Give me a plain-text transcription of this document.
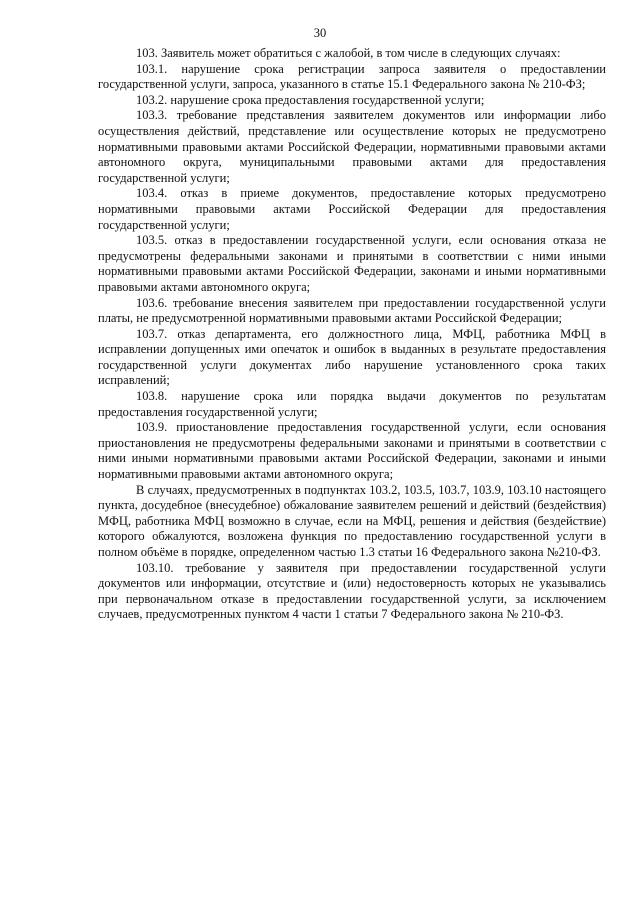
30

103. Заявитель может обратиться с жалобой, в том числе в следующих случаях:

103.1. нарушение срока регистрации запроса заявителя о предоставлении государственной услуги, запроса, указанного в статье 15.1 Федерального закона № 210-ФЗ;

103.2. нарушение срока предоставления государственной услуги;

103.3. требование представления заявителем документов или информации либо осуществления действий, представление или осуществление которых не предусмотрено нормативными правовыми актами Российской Федерации, нормативными правовыми актами автономного округа, муниципальными правовыми актами для предоставления государственной услуги;

103.4. отказ в приеме документов, предоставление которых предусмотрено нормативными правовыми актами Российской Федерации для предоставления государственной услуги;

103.5. отказ в предоставлении государственной услуги, если основания отказа не предусмотрены федеральными законами и принятыми в соответствии с ними иными нормативными правовыми актами Российской Федерации, законами и иными нормативными правовыми актами автономного округа;

103.6. требование внесения заявителем при предоставлении государственной услуги платы, не предусмотренной нормативными правовыми актами Российской Федерации;

103.7. отказ департамента, его должностного лица, МФЦ, работника МФЦ в исправлении допущенных ими опечаток и ошибок в выданных в результате предоставления государственной услуги документах либо нарушение установленного срока таких исправлений;

103.8. нарушение срока или порядка выдачи документов по результатам предоставления государственной услуги;

103.9. приостановление предоставления государственной услуги, если основания приостановления не предусмотрены федеральными законами и принятыми в соответствии с ними иными нормативными правовыми актами Российской Федерации, законами и иными нормативными правовыми актами автономного округа;

В случаях, предусмотренных в подпунктах 103.2, 103.5, 103.7, 103.9, 103.10 настоящего пункта, досудебное (внесудебное) обжалование заявителем решений и действий (бездействия) МФЦ, работника МФЦ возможно в случае, если на МФЦ, решения и действия (бездействие) которого обжалуются, возложена функция по предоставлению государственной услуги в полном объёме в порядке, определенном частью 1.3 статьи 16 Федерального закона №210-ФЗ.

103.10. требование у заявителя при предоставлении государственной услуги документов или информации, отсутствие и (или) недостоверность которых не указывались при первоначальном отказе в предоставлении государственной услуги, за исключением случаев, предусмотренных пунктом 4 части 1 статьи 7 Федерального закона № 210-ФЗ.
